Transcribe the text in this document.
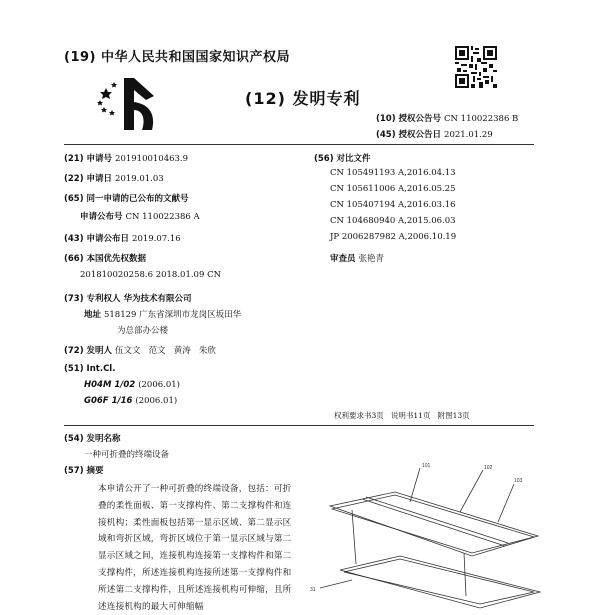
(19) 中华人民共和国国家知识产权局
(12) 发明专利
(10) 授权公告号 CN 110022386 B
(45) 授权公告日 2021.01.29
(21) 申请号 201910010463.9
(22) 申请日 2019.01.03
(65) 同一申请的已公布的文献号
申请公布号 CN 110022386 A
(43) 申请公布日 2019.07.16
(66) 本国优先权数据
201810020258.6 2018.01.09 CN
(73) 专利权人 华为技术有限公司
地址 518129 广东省深圳市龙岗区坂田华
为总部办公楼
(72) 发明人 伍文文   范文   黄涛   朱欣
(51) Int.Cl.
H04M 1/02 (2006.01)
G06F 1/16 (2006.01)
(56) 对比文件
CN 105491193 A,2016.04.13
CN 105611006 A,2016.05.25
CN 105407194 A,2016.03.16
CN 104680940 A,2015.06.03
JP 2006287982 A,2006.10.19
审查员 张艳青
权利要求书3页   说明书11页   附图13页
(54) 发明名称
一种可折叠的终端设备
(57) 摘要
本申请公开了一种可折叠的终端设备，包括：可折叠的柔性面板、第一支撑构件、第二支撑构件和连接机构；柔性面板包括第一显示区域、第二显示区域和弯折区域，弯折区域位于第一显示区域与第二显示区域之间，连接机构连接第一支撑构件和第二支撑构件，所述连接机构连接所述第一支撑构件和所述第二支撑构件，且所述连接机构可伸缩，且所述连接机构的最大可伸缩幅
101	102
103
31
